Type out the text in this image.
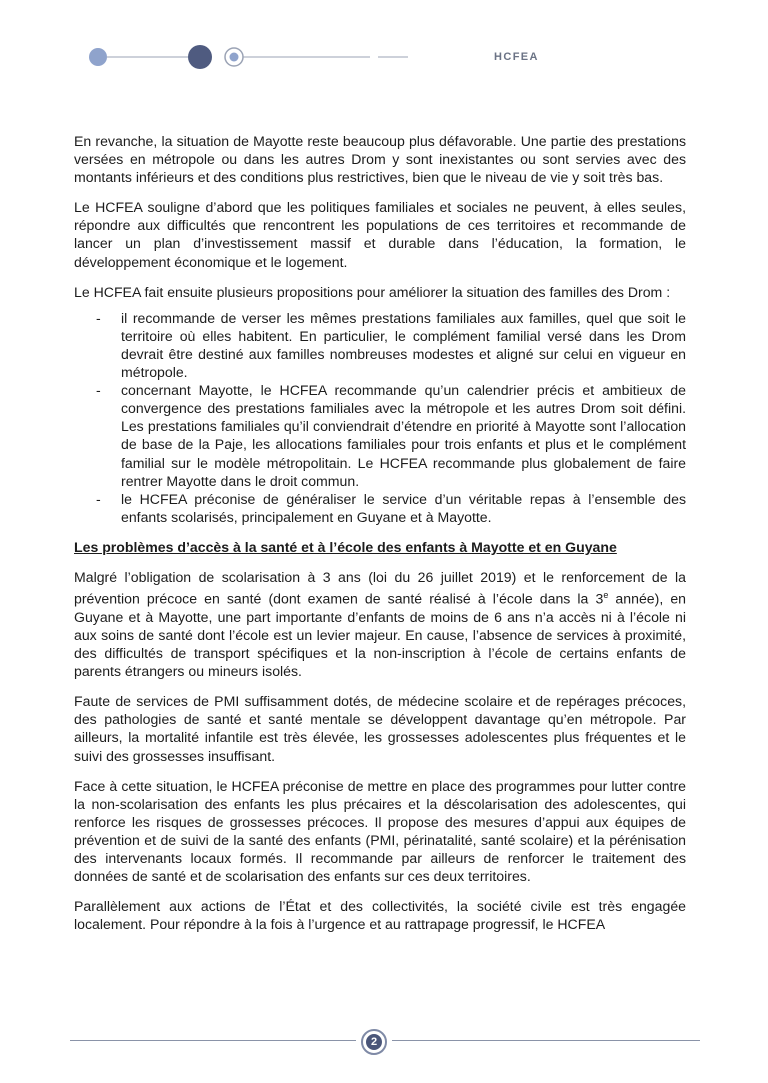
HCFEA

En revanche, la situation de Mayotte reste beaucoup plus défavorable. Une partie des prestations versées en métropole ou dans les autres Drom y sont inexistantes ou sont servies avec des montants inférieurs et des conditions plus restrictives, bien que le niveau de vie y soit très bas.

Le HCFEA souligne d’abord que les politiques familiales et sociales ne peuvent, à elles seules, répondre aux difficultés que rencontrent les populations de ces territoires et recommande de lancer un plan d’investissement massif et durable dans l’éducation, la formation, le développement économique et le logement.

Le HCFEA fait ensuite plusieurs propositions pour améliorer la situation des familles des Drom :

- il recommande de verser les mêmes prestations familiales aux familles, quel que soit le territoire où elles habitent. En particulier, le complément familial versé dans les Drom devrait être destiné aux familles nombreuses modestes et aligné sur celui en vigueur en métropole.
- concernant Mayotte, le HCFEA recommande qu’un calendrier précis et ambitieux de convergence des prestations familiales avec la métropole et les autres Drom soit défini. Les prestations familiales qu’il conviendrait d’étendre en priorité à Mayotte sont l’allocation de base de la Paje, les allocations familiales pour trois enfants et plus et le complément familial sur le modèle métropolitain. Le HCFEA recommande plus globalement de faire rentrer Mayotte dans le droit commun.
- le HCFEA préconise de généraliser le service d’un véritable repas à l’ensemble des enfants scolarisés, principalement en Guyane et à Mayotte.

Les problèmes d’accès à la santé et à l’école des enfants à Mayotte et en Guyane

Malgré l’obligation de scolarisation à 3 ans (loi du 26 juillet 2019) et le renforcement de la prévention précoce en santé (dont examen de santé réalisé à l’école dans la 3e année), en Guyane et à Mayotte, une part importante d’enfants de moins de 6 ans n’a accès ni à l’école ni aux soins de santé dont l’école est un levier majeur. En cause, l’absence de services à proximité, des difficultés de transport spécifiques et la non-inscription à l’école de certains enfants de parents étrangers ou mineurs isolés.

Faute de services de PMI suffisamment dotés, de médecine scolaire et de repérages précoces, des pathologies de santé et santé mentale se développent davantage qu’en métropole. Par ailleurs, la mortalité infantile est très élevée, les grossesses adolescentes plus fréquentes et le suivi des grossesses insuffisant.

Face à cette situation, le HCFEA préconise de mettre en place des programmes pour lutter contre la non-scolarisation des enfants les plus précaires et la déscolarisation des adolescentes, qui renforce les risques de grossesses précoces. Il propose des mesures d’appui aux équipes de prévention et de suivi de la santé des enfants (PMI, périnatalité, santé scolaire) et la pérénisation des intervenants locaux formés. Il recommande par ailleurs de renforcer le traitement des données de santé et de scolarisation des enfants sur ces deux territoires.

Parallèlement aux actions de l’État et des collectivités, la société civile est très engagée localement. Pour répondre à la fois à l’urgence et au rattrapage progressif, le HCFEA

2
